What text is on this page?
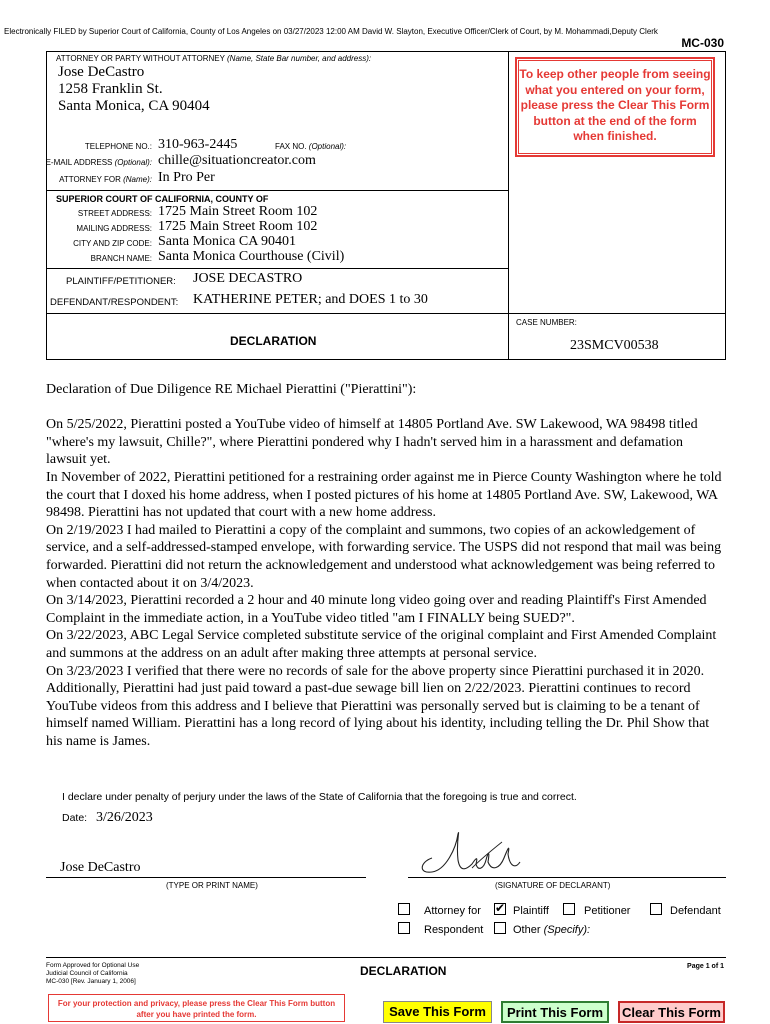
Electronically FILED by Superior Court of California, County of Los Angeles on 03/27/2023 12:00 AM David W. Slayton, Executive Officer/Clerk of Court, by M. Mohammadi,Deputy Clerk
MC-030
ATTORNEY OR PARTY WITHOUT ATTORNEY (Name, State Bar number, and address):
Jose DeCastro
1258 Franklin St.
Santa Monica, CA 90404
TELEPHONE NO.: 310-963-2445	FAX NO. (Optional):
E-MAIL ADDRESS (Optional): chille@situationcreator.com
ATTORNEY FOR (Name): In Pro Per
To keep other people from seeing what you entered on your form, please press the Clear This Form button at the end of the form when finished.
SUPERIOR COURT OF CALIFORNIA, COUNTY OF
STREET ADDRESS: 1725 Main Street Room 102
MAILING ADDRESS: 1725 Main Street Room 102
CITY AND ZIP CODE: Santa Monica CA 90401
BRANCH NAME: Santa Monica Courthouse (Civil)
PLAINTIFF/PETITIONER: JOSE DECASTRO
DEFENDANT/RESPONDENT: KATHERINE PETER; and DOES 1 to 30
DECLARATION
CASE NUMBER:
23SMCV00538

Declaration of Due Diligence RE Michael Pierattini ("Pierattini"):

On 5/25/2022, Pierattini posted a YouTube video of himself at 14805 Portland Ave. SW Lakewood, WA 98498 titled "where's my lawsuit, Chille?", where Pierattini pondered why I hadn't served him in a harassment and defamation lawsuit yet.

In November of 2022, Pierattini petitioned for a restraining order against me in Pierce County Washington where he told the court that I doxed his home address, when I posted pictures of his home at 14805 Portland Ave. SW, Lakewood, WA 98498. Pierattini has not updated that court with a new home address.

On 2/19/2023 I had mailed to Pierattini a copy of the complaint and summons, two copies of an ackowledgement of service, and a self-addressed-stamped envelope, with forwarding service. The USPS did not respond that mail was being forwarded. Pierattini did not return the acknowledgement and understood what acknowledgement was being referred to when contacted about it on 3/4/2023.

On 3/14/2023, Pierattini recorded a 2 hour and 40 minute long video going over and reading Plaintiff's First Amended Complaint in the immediate action, in a YouTube video titled "am I FINALLY being SUED?".

On 3/22/2023, ABC Legal Service completed substitute service of the original complaint and First Amended Complaint and summons at the address on an adult after making three attempts at personal service.

On 3/23/2023 I verified that there were no records of sale for the above property since Pierattini purchased it in 2020. Additionally, Pierattini had just paid toward a past-due sewage bill lien on 2/22/2023. Pierattini continues to record YouTube videos from this address and I believe that Pierattini was personally served but is claiming to be a tenant of himself named William. Pierattini has a long record of lying about his identity, including telling the Dr. Phil Show that his name is James.

I declare under penalty of perjury under the laws of the State of California that the foregoing is true and correct.
Date: 3/26/2023
Jose DeCastro
(TYPE OR PRINT NAME)	(SIGNATURE OF DECLARANT)
Attorney for ✔ Plaintiff	Petitioner	Defendant
Respondent	Other (Specify):
Form Approved for Optional Use
Judicial Council of California
MC-030 [Rev. January 1, 2006]
DECLARATION	Page 1 of 1
For your protection and privacy, please press the Clear This Form button after you have printed the form.	Save This Form	Print This Form	Clear This Form
